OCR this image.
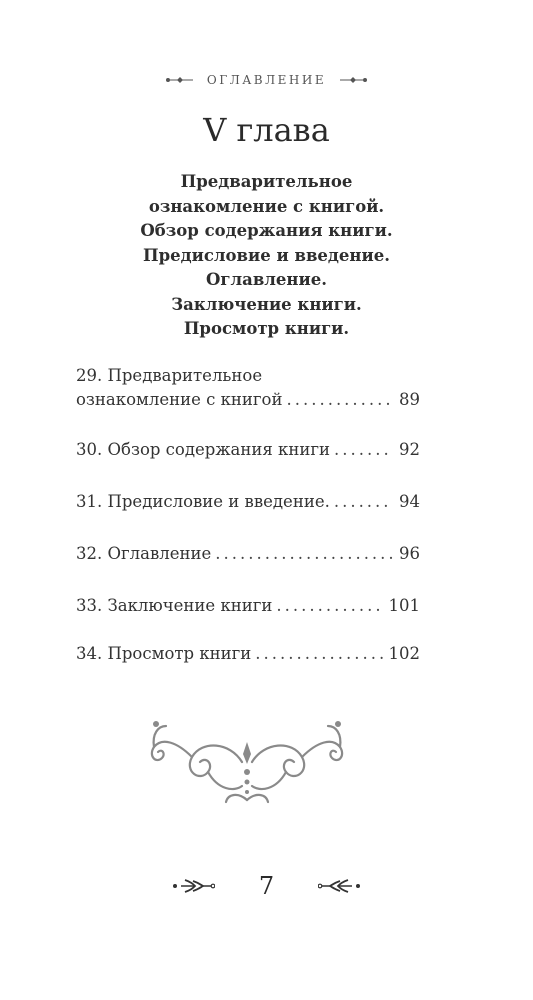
ОГЛАВЛЕНИЕ
V глава
Предварительное
ознакомление с книгой.
Обзор содержания книги.
Предисловие и введение.
Оглавление.
Заключение книги.
Просмотр книги.
29. Предварительное
ознакомление с книгой .....	89
30. Обзор содержания книги .....	92
31. Предисловие и введение. .....	94
32. Оглавление .....	96
33. Заключение книги .....	101
34. Просмотр книги .....	102
7
